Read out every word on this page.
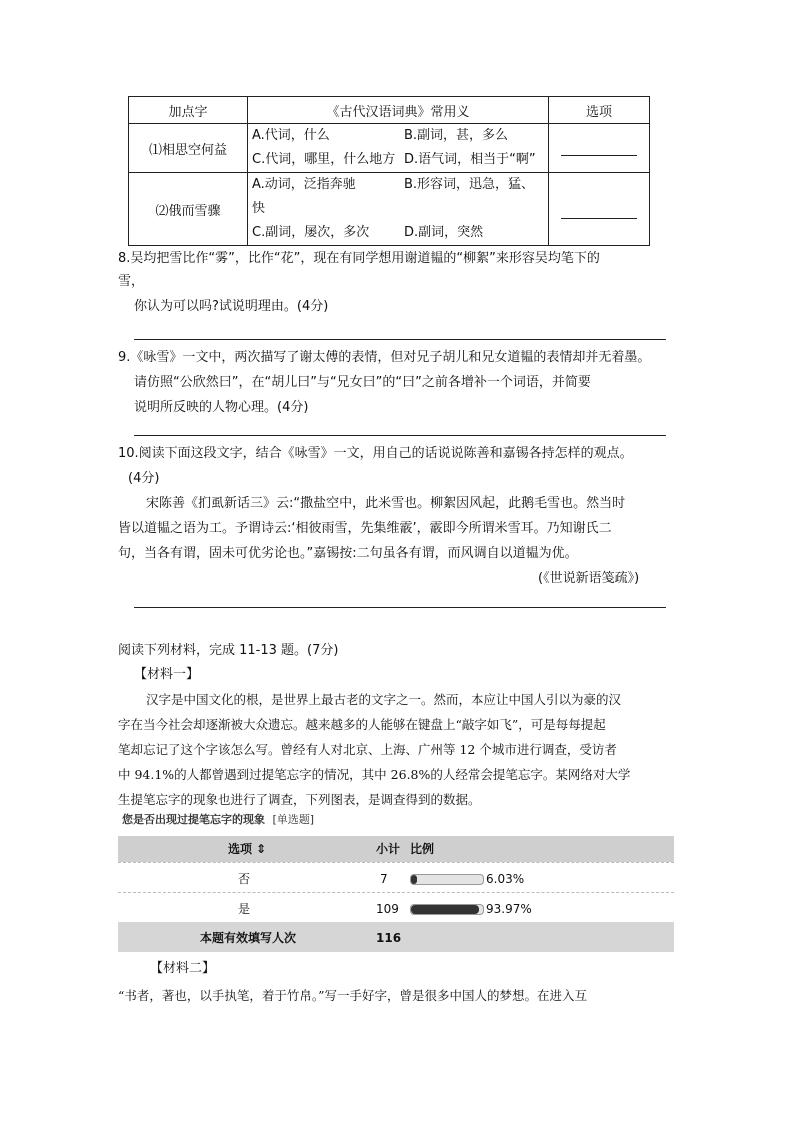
加点字	《古代汉语词典》常用义	选项
⑴相思空何益	A.代词，什么 B.副词，甚，多么
C.代词，哪里，什么地方 D.语气词，相当于“啊”	

⑵俄而雪骤	A.动词，泛指奔驰 B.形容词，迅急，猛、
快
C.副词，屡次，多次 D.副词，突然	

8.吴均把雪比作“雾”，比作“花”，现在有同学想用谢道韫的“柳絮”来形容吴均笔下的
雪，
你认为可以吗?试说明理由。(4分)
9.《咏雪》一文中，两次描写了谢太傅的表情，但对兄子胡儿和兄女道韫的表情却并无着墨。
请仿照“公欣然曰”，在“胡儿曰”与“兄女曰”的“曰”之前各增补一个词语，并简要
说明所反映的人物心理。(4分)
10.阅读下面这段文字，结合《咏雪》一文，用自己的话说说陈善和嘉锡各持怎样的观点。
(4分)
宋陈善《扪虱新话三》云:“撒盐空中，此米雪也。柳絮因风起，此鹅毛雪也。然当时
皆以道韫之语为工。予谓诗云:‘相彼雨雪，先集维霰’，霰即今所谓米雪耳。乃知谢氏二
句，当各有谓，固未可优劣论也。”嘉锡按:二句虽各有谓，而风调自以道韫为优。
(《世说新语笺疏》)
阅读下列材料，完成 11-13 题。(7分)
【材料一】
汉字是中国文化的根，是世界上最古老的文字之一。然而，本应让中国人引以为豪的汉
字在当今社会却逐渐被大众遗忘。越来越多的人能够在键盘上“敲字如飞”，可是每每提起
笔却忘记了这个字该怎么写。曾经有人对北京、上海、广州等 12 个城市进行调查，受访者
中 94.1%的人都曾遇到过提笔忘字的情况，其中 26.8%的人经常会提笔忘字。某网络对大学
生提笔忘字的现象也进行了调查，下列图表，是调查得到的数据。
您是否出现过提笔忘字的现象 [单选题]
选项 ⇕	小计 比例
否	7	6.03%
是	109	93.97%
本题有效填写人次	116
【材料二】
“书者，著也，以手执笔，着于竹帛。”写一手好字，曾是很多中国人的梦想。在进入互
